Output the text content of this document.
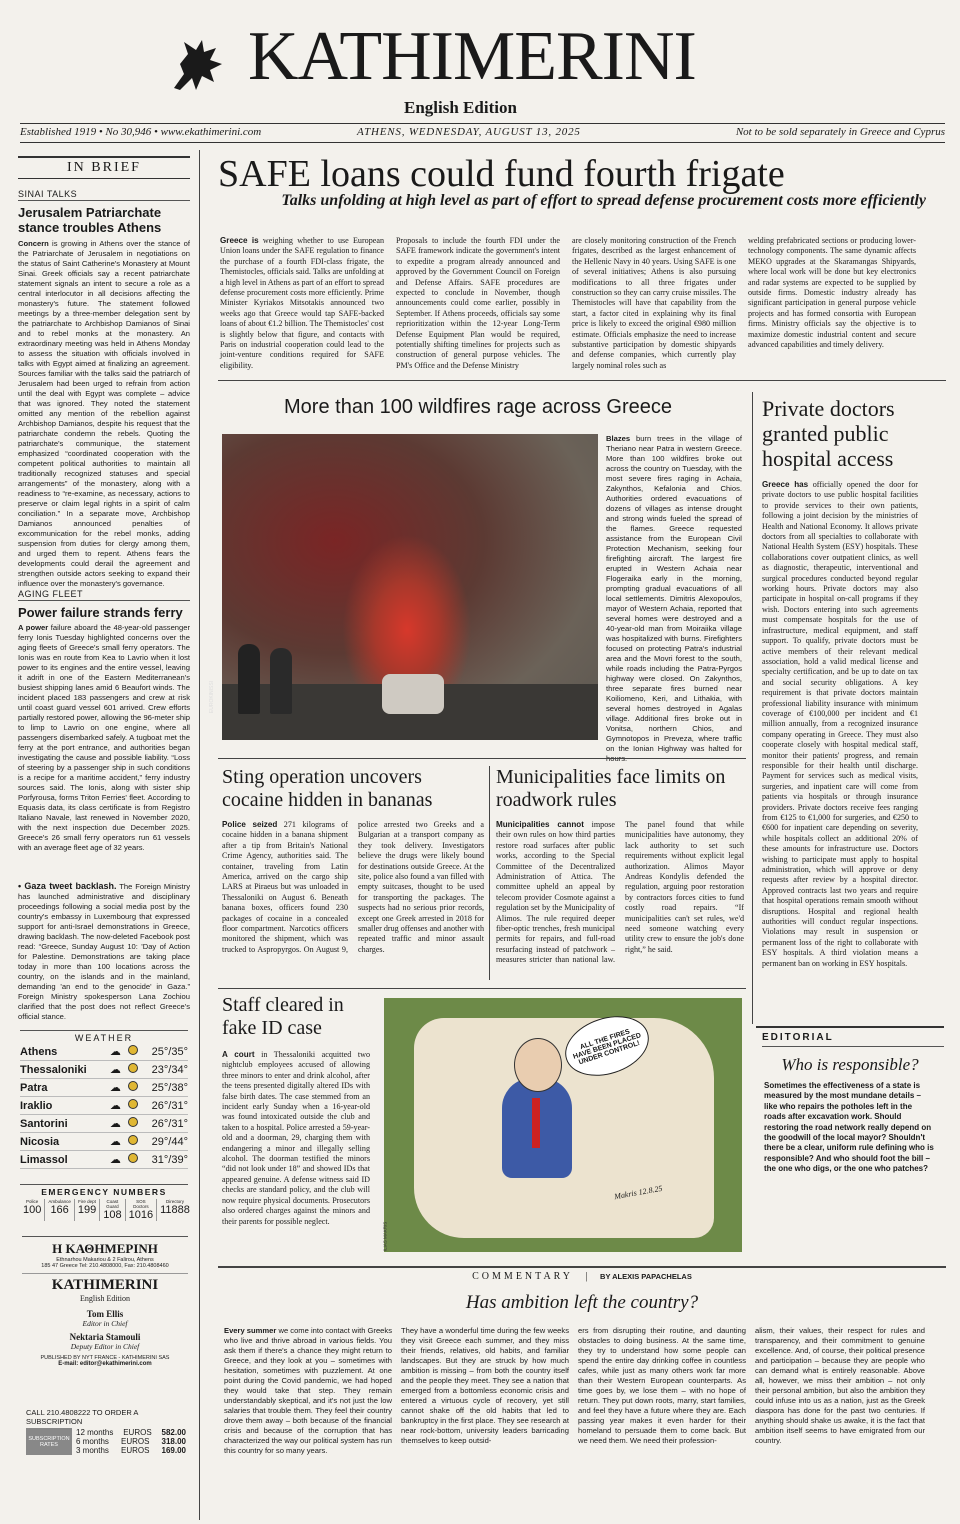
KATHIMERINI
English Edition
Established 1919 • No 30,946 • www.ekathimerini.com	ATHENS, WEDNESDAY, AUGUST 13, 2025	Not to be sold separately in Greece and Cyprus
IN BRIEF
SINAI TALKS
Jerusalem Patriarchate stance troubles Athens
Concern is growing in Athens over the stance of the Patriarchate of Jerusalem in negotiations on the status of Saint Catherine's Monastery at Mount Sinai. Greek officials say a recent patriarchate statement signals an intent to secure a role as a central interlocutor in all decisions affecting the monastery's future. The statement followed meetings by a three-member delegation sent by the patriarchate to Archbishop Damianos of Sinai and to rebel monks at the monastery. An extraordinary meeting was held in Athens Monday to assess the situation with officials involved in talks with Egypt aimed at finalizing an agreement. Sources familiar with the talks said the patriarch of Jerusalem had been urged to refrain from action until the deal with Egypt was complete – advice that was ignored. They noted the statement omitted any mention of the rebellion against Archbishop Damianos, despite his request that the patriarchate condemn the rebels. Quoting the patriarchate's communique, the statement emphasized “coordinated cooperation with the competent political authorities to maintain all traditionally recognized statuses and special arrangements” of the monastery, along with a readiness to “re-examine, as necessary, actions to preserve or claim legal rights in a spirit of calm conciliation.” In a separate move, Archbishop Damianos announced penalties of excommunication for the rebel monks, adding suspension from duties for clergy among them, and urged them to repent. Athens fears the developments could derail the agreement and strengthen outside actors seeking to expand their influence over the monastery's governance.
AGING FLEET
Power failure strands ferry
A power failure aboard the 48-year-old passenger ferry Ionis Tuesday highlighted concerns over the aging fleets of Greece's small ferry operators. The Ionis was en route from Kea to Lavrio when it lost power to its engines and the entire vessel, leaving it adrift in one of the Eastern Mediterranean's busiest shipping lanes amid 6 Beaufort winds. The incident placed 183 passengers and crew at risk until coast guard vessel 601 arrived. Crew efforts partially restored power, allowing the 96-meter ship to limp to Lavrio on one engine, where all passengers disembarked safely. A tugboat met the ferry at the port entrance, and authorities began investigating the cause and possible liability. “Loss of steering by a passenger ship in such conditions is a recipe for a maritime accident,” ferry industry sources said. The Ionis, along with sister ship Porfyrousa, forms Triton Ferries' fleet. According to Equasis data, its class certificate is from Registro Italiano Navale, last renewed in November 2020, with the next inspection due December 2025. Greece's 26 small ferry operators run 61 vessels with an average fleet age of 32 years.
• Gaza tweet backlash. The Foreign Ministry has launched administrative and disciplinary proceedings following a social media post by the country's embassy in Luxembourg that expressed support for anti-Israel demonstrations in Greece, drawing backlash. The now-deleted Facebook post read: “Greece, Sunday August 10: 'Day of Action for Palestine. Demonstrations are taking place today in more than 100 locations across the country, on the islands and in the mainland, demanding 'an end to the genocide' in Gaza.” Foreign Ministry spokesperson Lana Zochiou clarified that the post does not reflect Greece's official stance.
WEATHER
Athens	☁		25°/35°
Thessaloniki	☁		23°/34°
Patra	☁		25°/38°
Iraklio	☁		26°/31°
Santorini	☁		26°/31°
Nicosia	☁		29°/44°
Limassol	☁		31°/39°
EMERGENCY NUMBERS
Police
100
Ambulance
166
Fire dept
199
Coast Guard
108
SOS Doctors
1016
Directory
11888
Η ΚΑΘΗΜΕΡΙΝΗ
Ethnarhou Makariou & 2 Falirou, Athens
185 47 Greece Tel: 210.4808000, Fax: 210.4808460
KATHIMERINI
English Edition
Tom Ellis
Editor in Chief
Nektaria Stamouli
Deputy Editor in Chief
PUBLISHED BY NYT FRANCE - KATHIMERINI SAS
E-mail: editor@ekathimerini.com
CALL 210.4808222 TO ORDER A SUBSCRIPTION
SUBSCRIPTION RATES
12 months EUROS 582.00
6 months EUROS 318.00
3 months EUROS 169.00
SAFE loans could fund fourth frigate
Talks unfolding at high level as part of effort to spread defense procurement costs more efficiently
Greece is weighing whether to use European Union loans under the SAFE regulation to finance the purchase of a fourth FDI-class frigate, the Themistocles, officials said. Talks are unfolding at a high level in Athens as part of an effort to spread defense procurement costs more efficiently. Prime Minister Kyriakos Mitsotakis announced two weeks ago that Greece would tap SAFE-backed loans of about €1.2 billion. The Themistocles' cost is slightly below that figure, and contacts with Paris on industrial cooperation could lead to the joint-venture conditions required for SAFE eligibility.
Proposals to include the fourth FDI under the SAFE framework indicate the government's intent to expedite a program already announced and approved by the Government Council on Foreign and Defense Affairs. SAFE procedures are expected to conclude in November, though announcements could come earlier, possibly in September. If Athens proceeds, officials say some reprioritization within the 12-year Long-Term Defense Equipment Plan would be required, potentially shifting timelines for projects such as construction of general purpose vehicles. The PM's Office and the Defense Ministry
are closely monitoring construction of the French frigates, described as the largest enhancement of the Hellenic Navy in 40 years. Using SAFE is one of several initiatives; Athens is also pursuing modifications to all three frigates under construction so they can carry cruise missiles. The Themistocles will have that capability from the start, a factor cited in explaining why its final price is likely to exceed the original €980 million estimate. Officials emphasize the need to increase substantive participation by domestic shipyards and defense companies, which currently play largely nominal roles such as
welding prefabricated sections or producing lower-technology components. The same dynamic affects MEKO upgrades at the Skaramangas Shipyards, where local work will be done but key electronics and radar systems are expected to be supplied by outside firms. Domestic industry already has significant participation in general purpose vehicle projects and has formed consortia with European firms. Ministry officials say the objective is to maximize domestic industrial content and secure advanced capabilities and timely delivery.
More than 100 wildfires rage across Greece
EUROKINISSI
Blazes burn trees in the village of Theriano near Patra in western Greece. More than 100 wildfires broke out across the country on Tuesday, with the most severe fires raging in Achaia, Zakynthos, Kefalonia and Chios. Authorities ordered evacuations of dozens of villages as intense drought and strong winds fueled the spread of the flames. Greece requested assistance from the European Civil Protection Mechanism, seeking four firefighting aircraft. The largest fire erupted in Western Achaia near Flogeraika early in the morning, prompting gradual evacuations of all local settlements. Dimitris Alexopoulos, mayor of Western Achaia, reported that several homes were destroyed and a 40-year-old man from Moiraiika village was hospitalized with burns. Firefighters focused on protecting Patra's industrial area and the Movri forest to the south, while roads including the Patra-Pyrgos highway were closed. On Zakynthos, three separate fires burned near Koiliomeno, Keri, and Lithakia, with several homes destroyed in Agalas village. Additional fires broke out in Vonitsa, northern Chios, and Gymnotopos in Preveza, where traffic on the Ionian Highway was halted for
Private doctors granted public hospital access
Greece has officially opened the door for private doctors to use public hospital facilities to provide services to their own patients, following a joint decision by the ministries of Health and National Economy. It allows private doctors from all specialties to collaborate with National Health System (ESY) hospitals. These collaborations cover outpatient clinics, as well as diagnostic, therapeutic, interventional and surgical procedures conducted beyond regular working hours. Private doctors may also participate in hospital on-call programs if they wish. Doctors entering into such agreements must compensate hospitals for the use of infrastructure, medical equipment, and staff support. To qualify, private doctors must be active members of their relevant medical association, hold a valid medical license and specialty certification, and be up to date on tax and social security obligations. A key requirement is that private doctors maintain professional liability insurance with minimum coverage of €100,000 per incident and €1 million annually, from a recognized insurance company operating in Greece. They must also cooperate closely with hospital medical staff, monitor their patients' progress, and remain responsible for their health until discharge. Payment for services such as medical visits, surgeries, and inpatient care will come from patients via hospitals or through insurance providers. Private doctors receive fees ranging from €125 to €1,000 for surgeries, and €250 to €600 for inpatient care depending on severity, while hospitals collect an additional 20% of these amounts for infrastructure use. Doctors wishing to participate must apply to hospital administration, which will approve or deny requests after review by a hospital director. Approved contracts last two years and require that hospital operations remain smooth without disruptions. Hospital and regional health authorities will conduct regular inspections. Violations may result in suspension or permanent loss of the right to collaborate with ESY hospitals. A third violation means a permanent ban on working in ESY hospitals.
Sting operation uncovers cocaine hidden in bananas
Police seized 271 kilograms of cocaine hidden in a banana shipment after a tip from Britain's National Crime Agency, authorities said. The container, traveling from Latin America, arrived on the cargo ship LARS at Piraeus but was unloaded in Thessaloniki on August 6. Beneath banana boxes, officers found 230 packages of cocaine in a concealed floor compartment. Narcotics officers monitored the shipment, which was trucked to Aspropyrgos. On August 9, police arrested two Greeks and a Bulgarian at a transport company as they took delivery. Investigators believe the drugs were likely bound for destinations outside Greece. At the site, police also found a van filled with empty suitcases, thought to be used for transporting the packages. The suspects had no serious prior records, except one Greek arrested in 2018 for smaller drug offenses and another with repeated traffic and minor assault charges.
Municipalities face limits on roadwork rules
Municipalities cannot impose their own rules on how third parties restore road surfaces after public works, according to the Special Committee of the Decentralized Administration of Attica. The committee upheld an appeal by telecom provider Cosmote against a regulation set by the Municipality of Alimos. The rule required deeper fiber-optic trenches, fresh municipal permits for repairs, and full-road resurfacing instead of patchwork – measures stricter than national law. The panel found that while municipalities have autonomy, they lack authority to set such requirements without explicit legal authorization. Alimos Mayor Andreas Kondylis defended the regulation, arguing poor restoration by contractors forces cities to fund costly road repairs. “If municipalities can't set rules, we'd need someone watching every utility crew to ensure the job's done right,” he said.
Staff cleared in fake ID case
A court in Thessaloniki acquitted two nightclub employees accused of allowing three minors to enter and drink alcohol, after the teens presented digitally altered IDs with false birth dates. The case stemmed from an incident early Sunday when a 16-year-old was found intoxicated outside the club and taken to a hospital. Police arrested a 59-year-old and a doorman, 29, charging them with endangering a minor and illegally selling alcohol. The doorman testified the minors “did not look under 18” and showed IDs that appeared genuine. A defense witness said ID checks are standard policy, and the club will now require physical documents. Prosecutors also ordered charges against the minors and their parents for possible neglect.
ALL THE FIRES HAVE BEEN PLACED UNDER CONTROL!
Makris 12.8.25
ILIAS MAKRIS
EDITORIAL
Who is responsible?
Sometimes the effectiveness of a state is measured by the most mundane details – like who repairs the potholes left in the roads after excavation work. Should restoring the road network really depend on the goodwill of the local mayor? Shouldn't there be a clear, uniform rule defining who is responsible? And who should foot the bill – the one who digs, or the one who patches?
COMMENTARY | BY ALEXIS PAPACHELAS
Has ambition left the country?
Every summer we come into contact with Greeks who live and thrive abroad in various fields. You ask them if there's a chance they might return to Greece, and they look at you – sometimes with hesitation, sometimes with puzzlement. At one point during the Covid pandemic, we had hoped they would take that step. They remain understandably skeptical, and it's not just the low salaries that trouble them. They feel their country drove them away – both because of the financial crisis and because of the corruption that has characterized the way our political system has run this country for so many years.
They have a wonderful time during the few weeks they visit Greece each summer, and they miss their friends, relatives, old habits, and familiar landscapes. But they are struck by how much ambition is missing – from both the country itself and the people they meet. They see a nation that emerged from a bottomless economic crisis and entered a virtuous cycle of recovery, yet still cannot shake off the old habits that led to bankruptcy in the first place. They see research at near rock-bottom, university leaders barricading themselves to keep outsid-
ers from disrupting their routine, and daunting obstacles to doing business. At the same time, they try to understand how some people can spend the entire day drinking coffee in countless cafes, while just as many others work far more than their Western European counterparts. As time goes by, we lose them – with no hope of return. They put down roots, marry, start families, and feel they have a future where they are. Each passing year makes it even harder for their homeland to persuade them to come back. But we need them. We need their profession-
alism, their values, their respect for rules and transparency, and their commitment to genuine excellence. And, of course, their political presence and participation – because they are people who can demand what is entirely reasonable. Above all, however, we miss their ambition – not only their personal ambition, but also the ambition they could infuse into us as a nation, just as the Greek diaspora has done for the past two centuries. If anything should shake us awake, it is the fact that ambition itself seems to have emigrated from our country.
